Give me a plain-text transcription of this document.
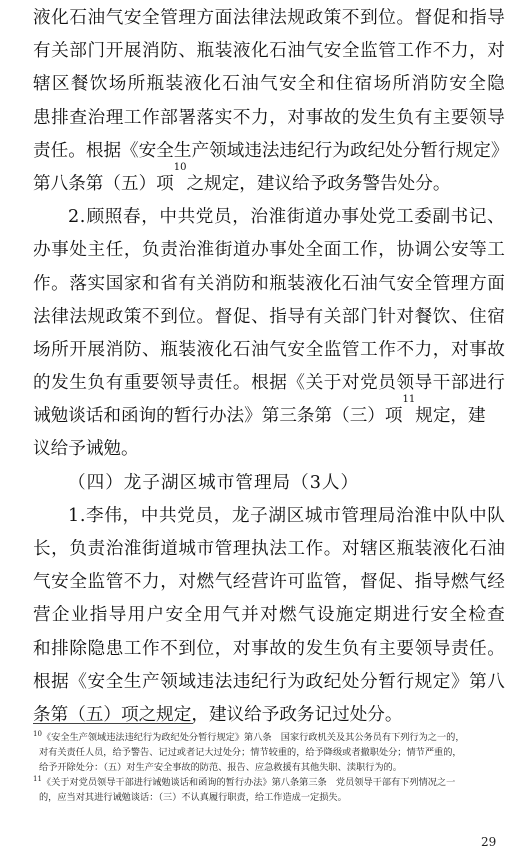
液 化 石 油 气 安 全 管 理 方 面 法 律 法 规 政 策 不 到 位 。 督 促 和 指 导
有 关 部 门 开 展 消 防 、 瓶 装 液 化 石 油 气 安 全 监 管 工 作 不 力 ， 对
辖 区 餐 饮 场 所 瓶 装 液 化 石 油 气 安 全 和 住 宿 场 所 消 防 安 全 隐
患 排 查 治 理 工 作 部 署 落 实 不 力 ， 对 事 故 的 发 生 负 有 主 要 领 导
责 任 。 根 据 《 安 全 生 产 领 域 违 法 违 纪 行 为 政 纪 处 分 暂 行 规 定 》
第八条第（五）项
10
之规定，建议给予政务警告处分。
2 . 顾 照 春 ， 中 共 党 员 ， 治 淮 街 道 办 事 处 党 工 委 副 书 记 、
办 事 处 主 任 ， 负 责 治 淮 街 道 办 事 处 全 面 工 作 ， 协 调 公 安 等 工
作 。 落 实 国 家 和 省 有 关 消 防 和 瓶 装 液 化 石 油 气 安 全 管 理 方 面
法 律 法 规 政 策 不 到 位 。 督 促 、 指 导 有 关 部 门 针 对 餐 饮 、 住 宿
场 所 开 展 消 防 、 瓶 装 液 化 石 油 气 安 全 监 管 工 作 不 力 ， 对 事 故
的 发 生 负 有 重 要 领 导 责 任 。 根 据 《 关 于 对 党 员 领 导 干 部 进 行
诫勉谈话和函询的暂行办法》第三条第（三）项
11
规定，建
议给予诫勉。
（四）龙子湖区城市管理局（3人）
1 . 李 伟 ， 中 共 党 员 ， 龙 子 湖 区 城 市 管 理 局 治 淮 中 队 中 队
长 ， 负 责 治 淮 街 道 城 市 管 理 执 法 工 作 。 对 辖 区 瓶 装 液 化 石 油
气 安 全 监 管 不 力 ， 对 燃 气 经 营 许 可 监 管 ， 督 促 、 指 导 燃 气 经
营 企 业 指 导 用 户 安 全 用 气 并 对 燃 气 设 施 定 期 进 行 安 全 检 查
和 排 除 隐 患 工 作 不 到 位 ， 对 事 故 的 发 生 负 有 主 要 领 导 责 任 。
根 据 《 安 全 生 产 领 域 违 法 违 纪 行 为 政 纪 处 分 暂 行 规 定 》 第 八
条第（五）项之规定，建议给予政务记过处分。
$^{10}$《安全生产领域违法违纪行为政纪处分暂行规定》第八条　国家行政机关及其公务员有下列行为之一的，
对有关责任人员，给予警告、记过或者记大过处分；情节较重的，给予降级或者撤职处分；情节严重的，
给予开除处分：（五）对生产安全事故的防范、报告、应急救援有其他失职、渎职行为的。
$^{11}$《关于对党员领导干部进行诫勉谈话和函询的暂行办法》第八条第三条　党员领导干部有下列情况之一
的，应当对其进行诫勉谈话：（三）不认真履行职责，给工作造成一定损失。
29
